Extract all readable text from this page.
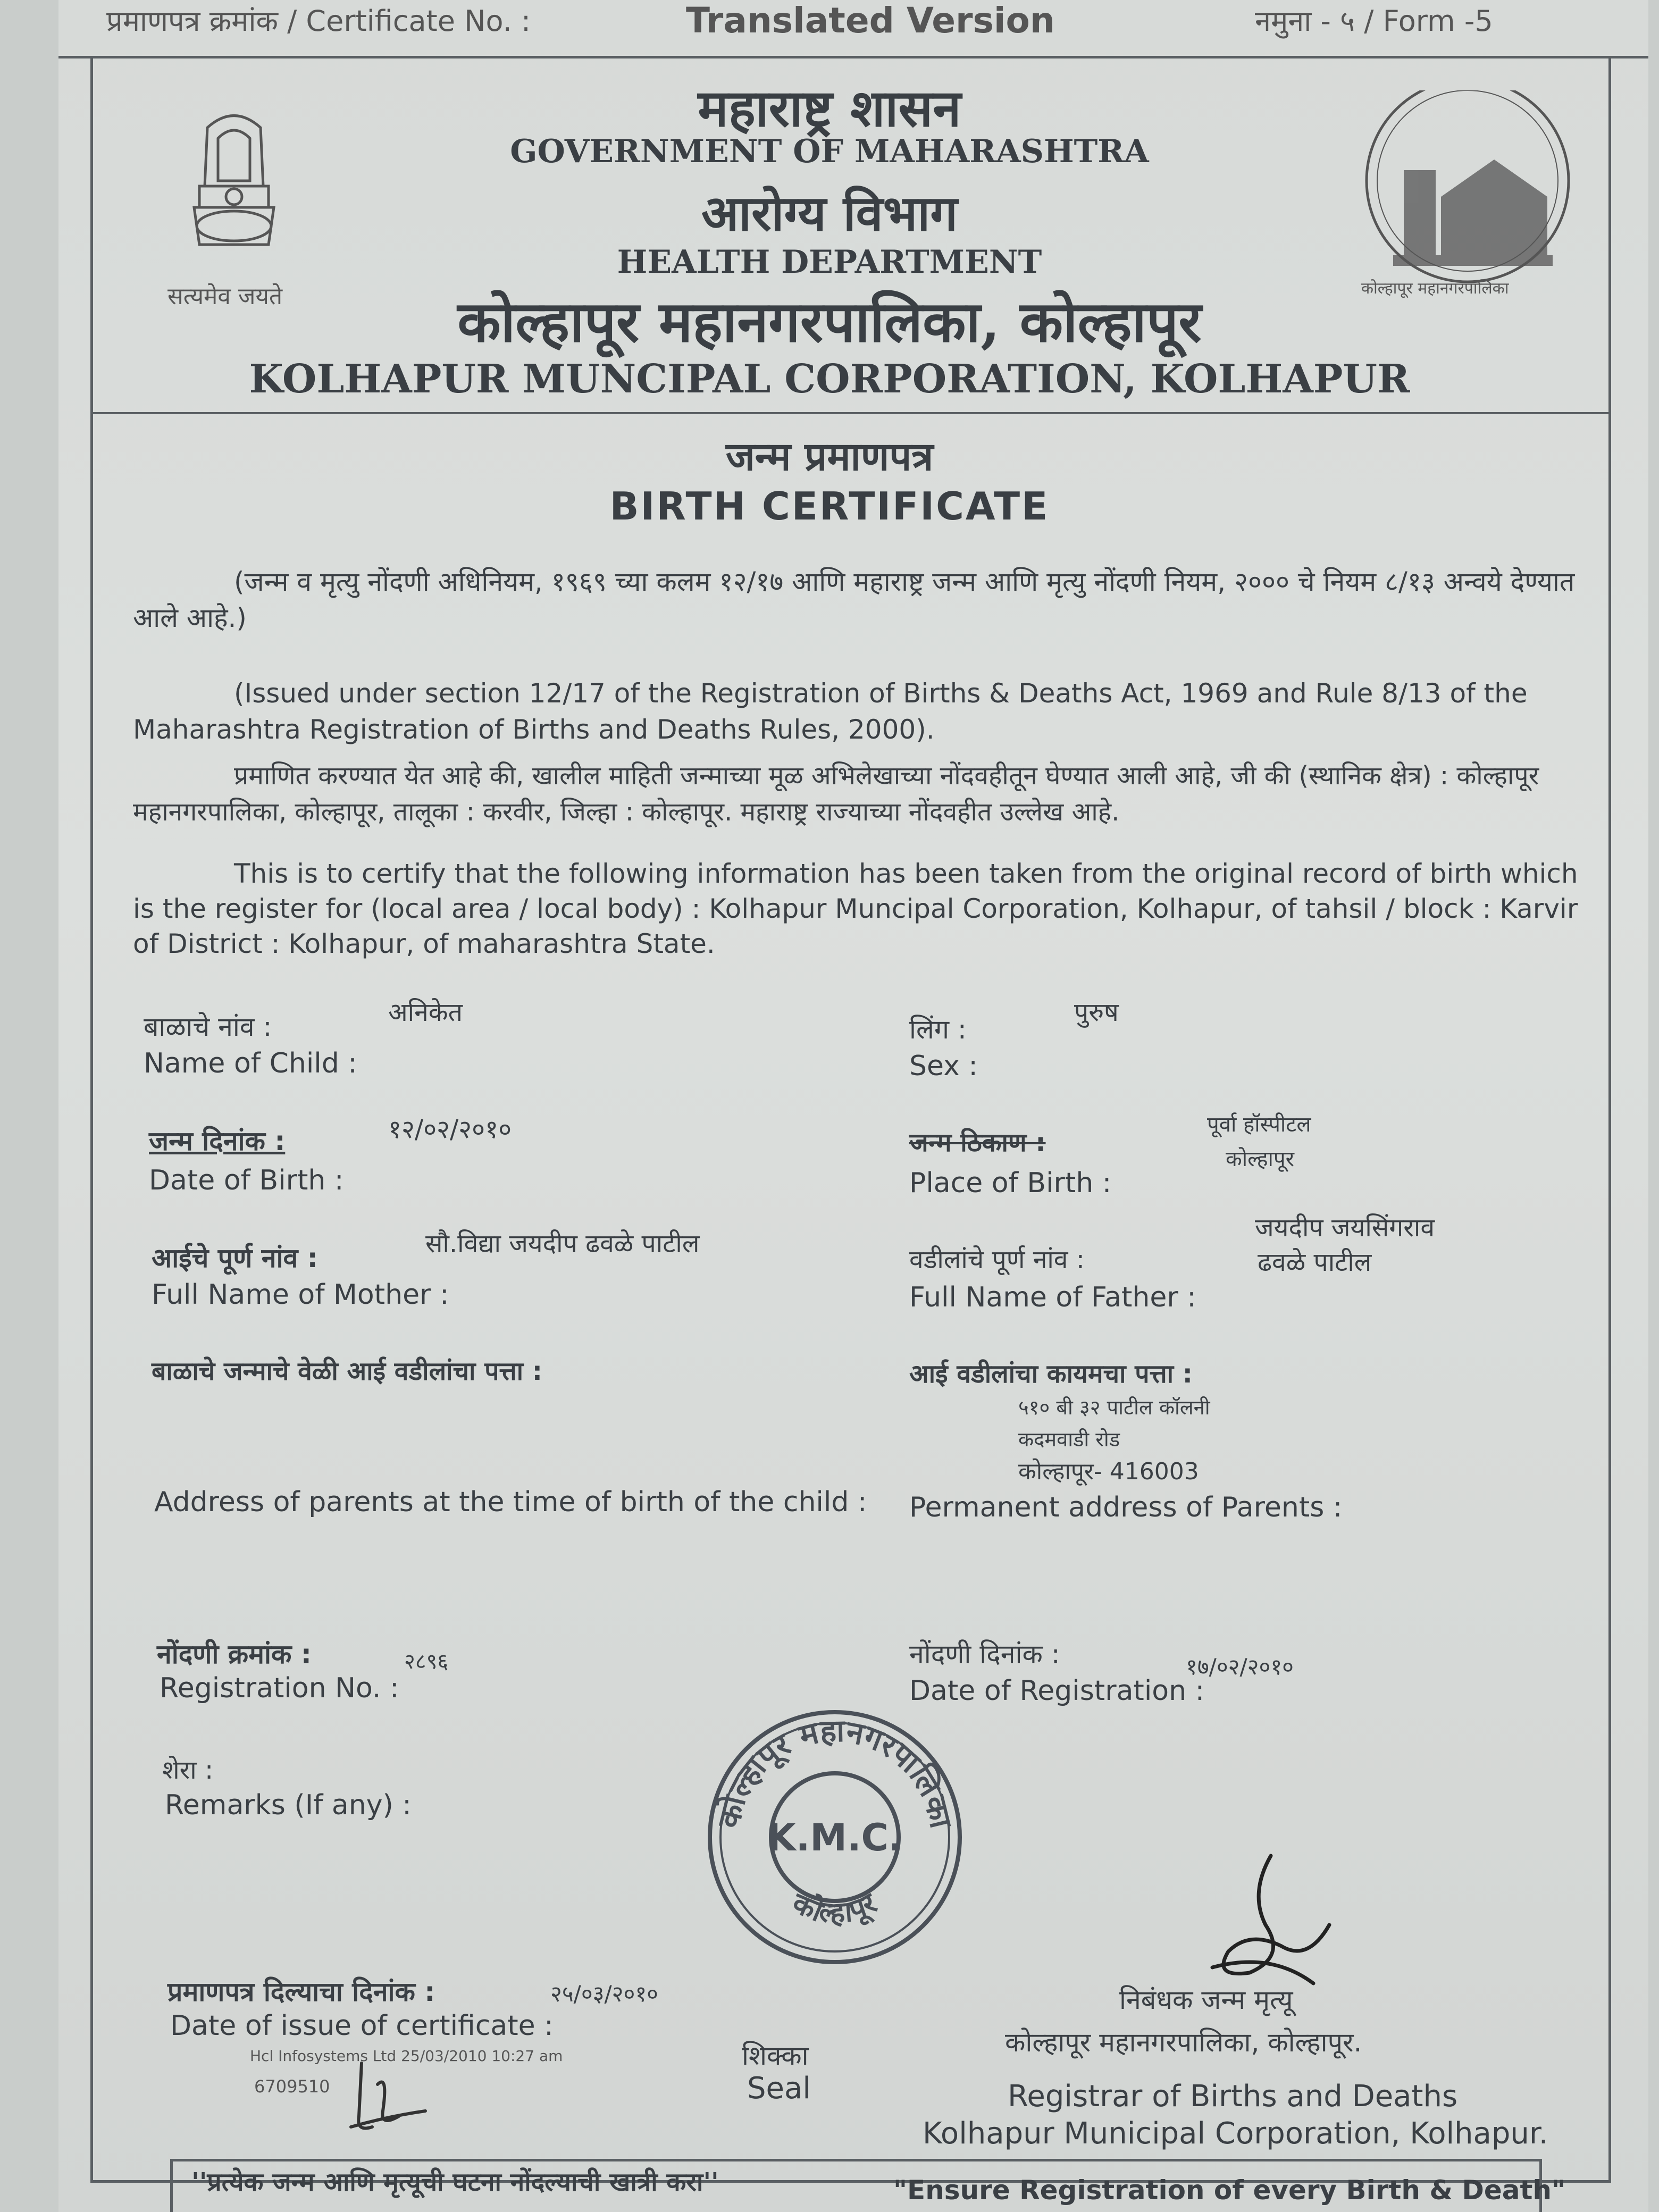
प्रमाणपत्र क्रमांक / Certificate No. :	Translated Version	नमुना - ५ / Form -5
सत्यमेव जयते	कोल्हापूर महानगरपालिका
महाराष्ट्र शासन
GOVERNMENT OF MAHARASHTRA
आरोग्य विभाग
HEALTH DEPARTMENT
कोल्हापूर महानगरपालिका, कोल्हापूर
KOLHAPUR MUNCIPAL CORPORATION, KOLHAPUR
जन्म प्रमाणपत्र
BIRTH CERTIFICATE
(जन्म व मृत्यु नोंदणी अधिनियम, १९६९ च्या कलम १२/१७ आणि महाराष्ट्र जन्म आणि मृत्यु नोंदणी नियम, २००० चे नियम ८/१३ अन्वये देण्यात आले आहे.)
(Issued under section 12/17 of the Registration of Births & Deaths Act, 1969 and Rule 8/13 of the Maharashtra Registration of Births and Deaths Rules, 2000).
प्रमाणित करण्यात येत आहे की, खालील माहिती जन्माच्या मूळ अभिलेखाच्या नोंदवहीतून घेण्यात आली आहे, जी की (स्थानिक क्षेत्र) : कोल्हापूर महानगरपालिका, कोल्हापूर, तालूका : करवीर, जिल्हा : कोल्हापूर. महाराष्ट्र राज्याच्या नोंदवहीत उल्लेख आहे.
This is to certify that the following information has been taken from the original record of birth which is the register for (local area / local body) : Kolhapur Muncipal Corporation, Kolhapur, of tahsil / block : Karvir of District : Kolhapur, of maharashtra State.
बाळाचे नांव :
Name of Child :
अनिकेत
जन्म दिनांक :
Date of Birth :
१२/०२/२०१०
आईचे पूर्ण नांव :
Full Name of Mother :
सौ.विद्या जयदीप ढवळे पाटील
बाळाचे जन्माचे वेळी आई वडीलांचा पत्ता :
Address of parents at the time of birth of the child :
नोंदणी क्रमांक :
Registration No. :
२८९६
शेरा :
Remarks (If any) :
प्रमाणपत्र दिल्याचा दिनांक :
Date of issue of certificate :
२५/०३/२०१०
Hcl Infosystems Ltd 25/03/2010 10:27 am
6709510
लिंग :
Sex :
पुरुष
जन्म ठिकाण :
Place of Birth :
पूर्वा हॉस्पीटल
कोल्हापूर
वडीलांचे पूर्ण नांव :
Full Name of Father :
जयदीप जयसिंगराव
ढवळे पाटील
आई वडीलांचा कायमचा पत्ता :
५१० बी ३२ पाटील कॉलनी
कदमवाडी रोड
कोल्हापूर- 416003
Permanent address of Parents :
नोंदणी दिनांक :
Date of Registration :
१७/०२/२०१०
K.M.C.
कोल्हापूर महानगरपालिका
कोल्हापूर
शिक्का
Seal
निबंधक जन्म मृत्यू
कोल्हापूर महानगरपालिका, कोल्हापूर.
Registrar of Births and Deaths
Kolhapur Municipal Corporation, Kolhapur.
''प्रत्येक जन्म आणि मृत्यूची घटना नोंदल्याची खात्री करा''	"Ensure Registration of every Birth & Death"
